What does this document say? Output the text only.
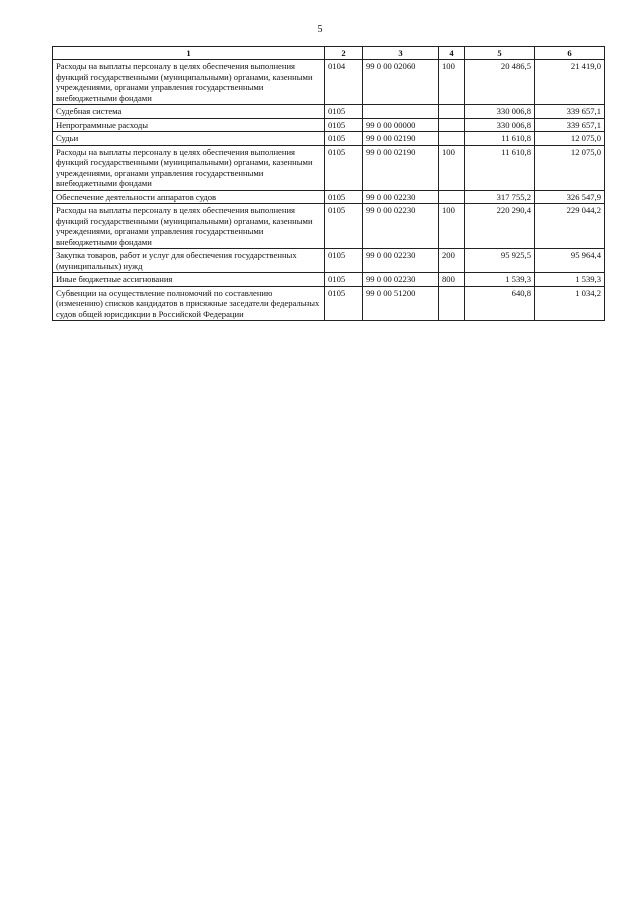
5
1	2	3	4	5	6
Расходы на выплаты персоналу в целях обеспечения выполнения функций государственными (муниципальными) органами, казенными учреждениями, органами управления государственными внебюджетными фондами	0104	99 0 00 02060	100	20 486,5	21 419,0
Судебная система	0105			330 006,8	339 657,1
Непрограммные расходы	0105	99 0 00 00000		330 006,8	339 657,1
Судьи	0105	99 0 00 02190		11 610,8	12 075,0
Расходы на выплаты персоналу в целях обеспечения выполнения функций государственными (муниципальными) органами, казенными учреждениями, органами управления государственными внебюджетными фондами	0105	99 0 00 02190	100	11 610,8	12 075,0
Обеспечение деятельности аппаратов судов	0105	99 0 00 02230		317 755,2	326 547,9
Расходы на выплаты персоналу в целях обеспечения выполнения функций государственными (муниципальными) органами, казенными учреждениями, органами управления государственными внебюджетными фондами	0105	99 0 00 02230	100	220 290,4	229 044,2
Закупка товаров, работ и услуг для обеспечения государственных (муниципальных) нужд	0105	99 0 00 02230	200	95 925,5	95 964,4
Иные бюджетные ассигнования	0105	99 0 00 02230	800	1 539,3	1 539,3
Субвенции на осуществление полномочий по составлению (изменению) списков кандидатов в присяжные заседатели федеральных судов общей юрисдикции в Российской Федерации	0105	99 0 00 51200		640,8	1 034,2
